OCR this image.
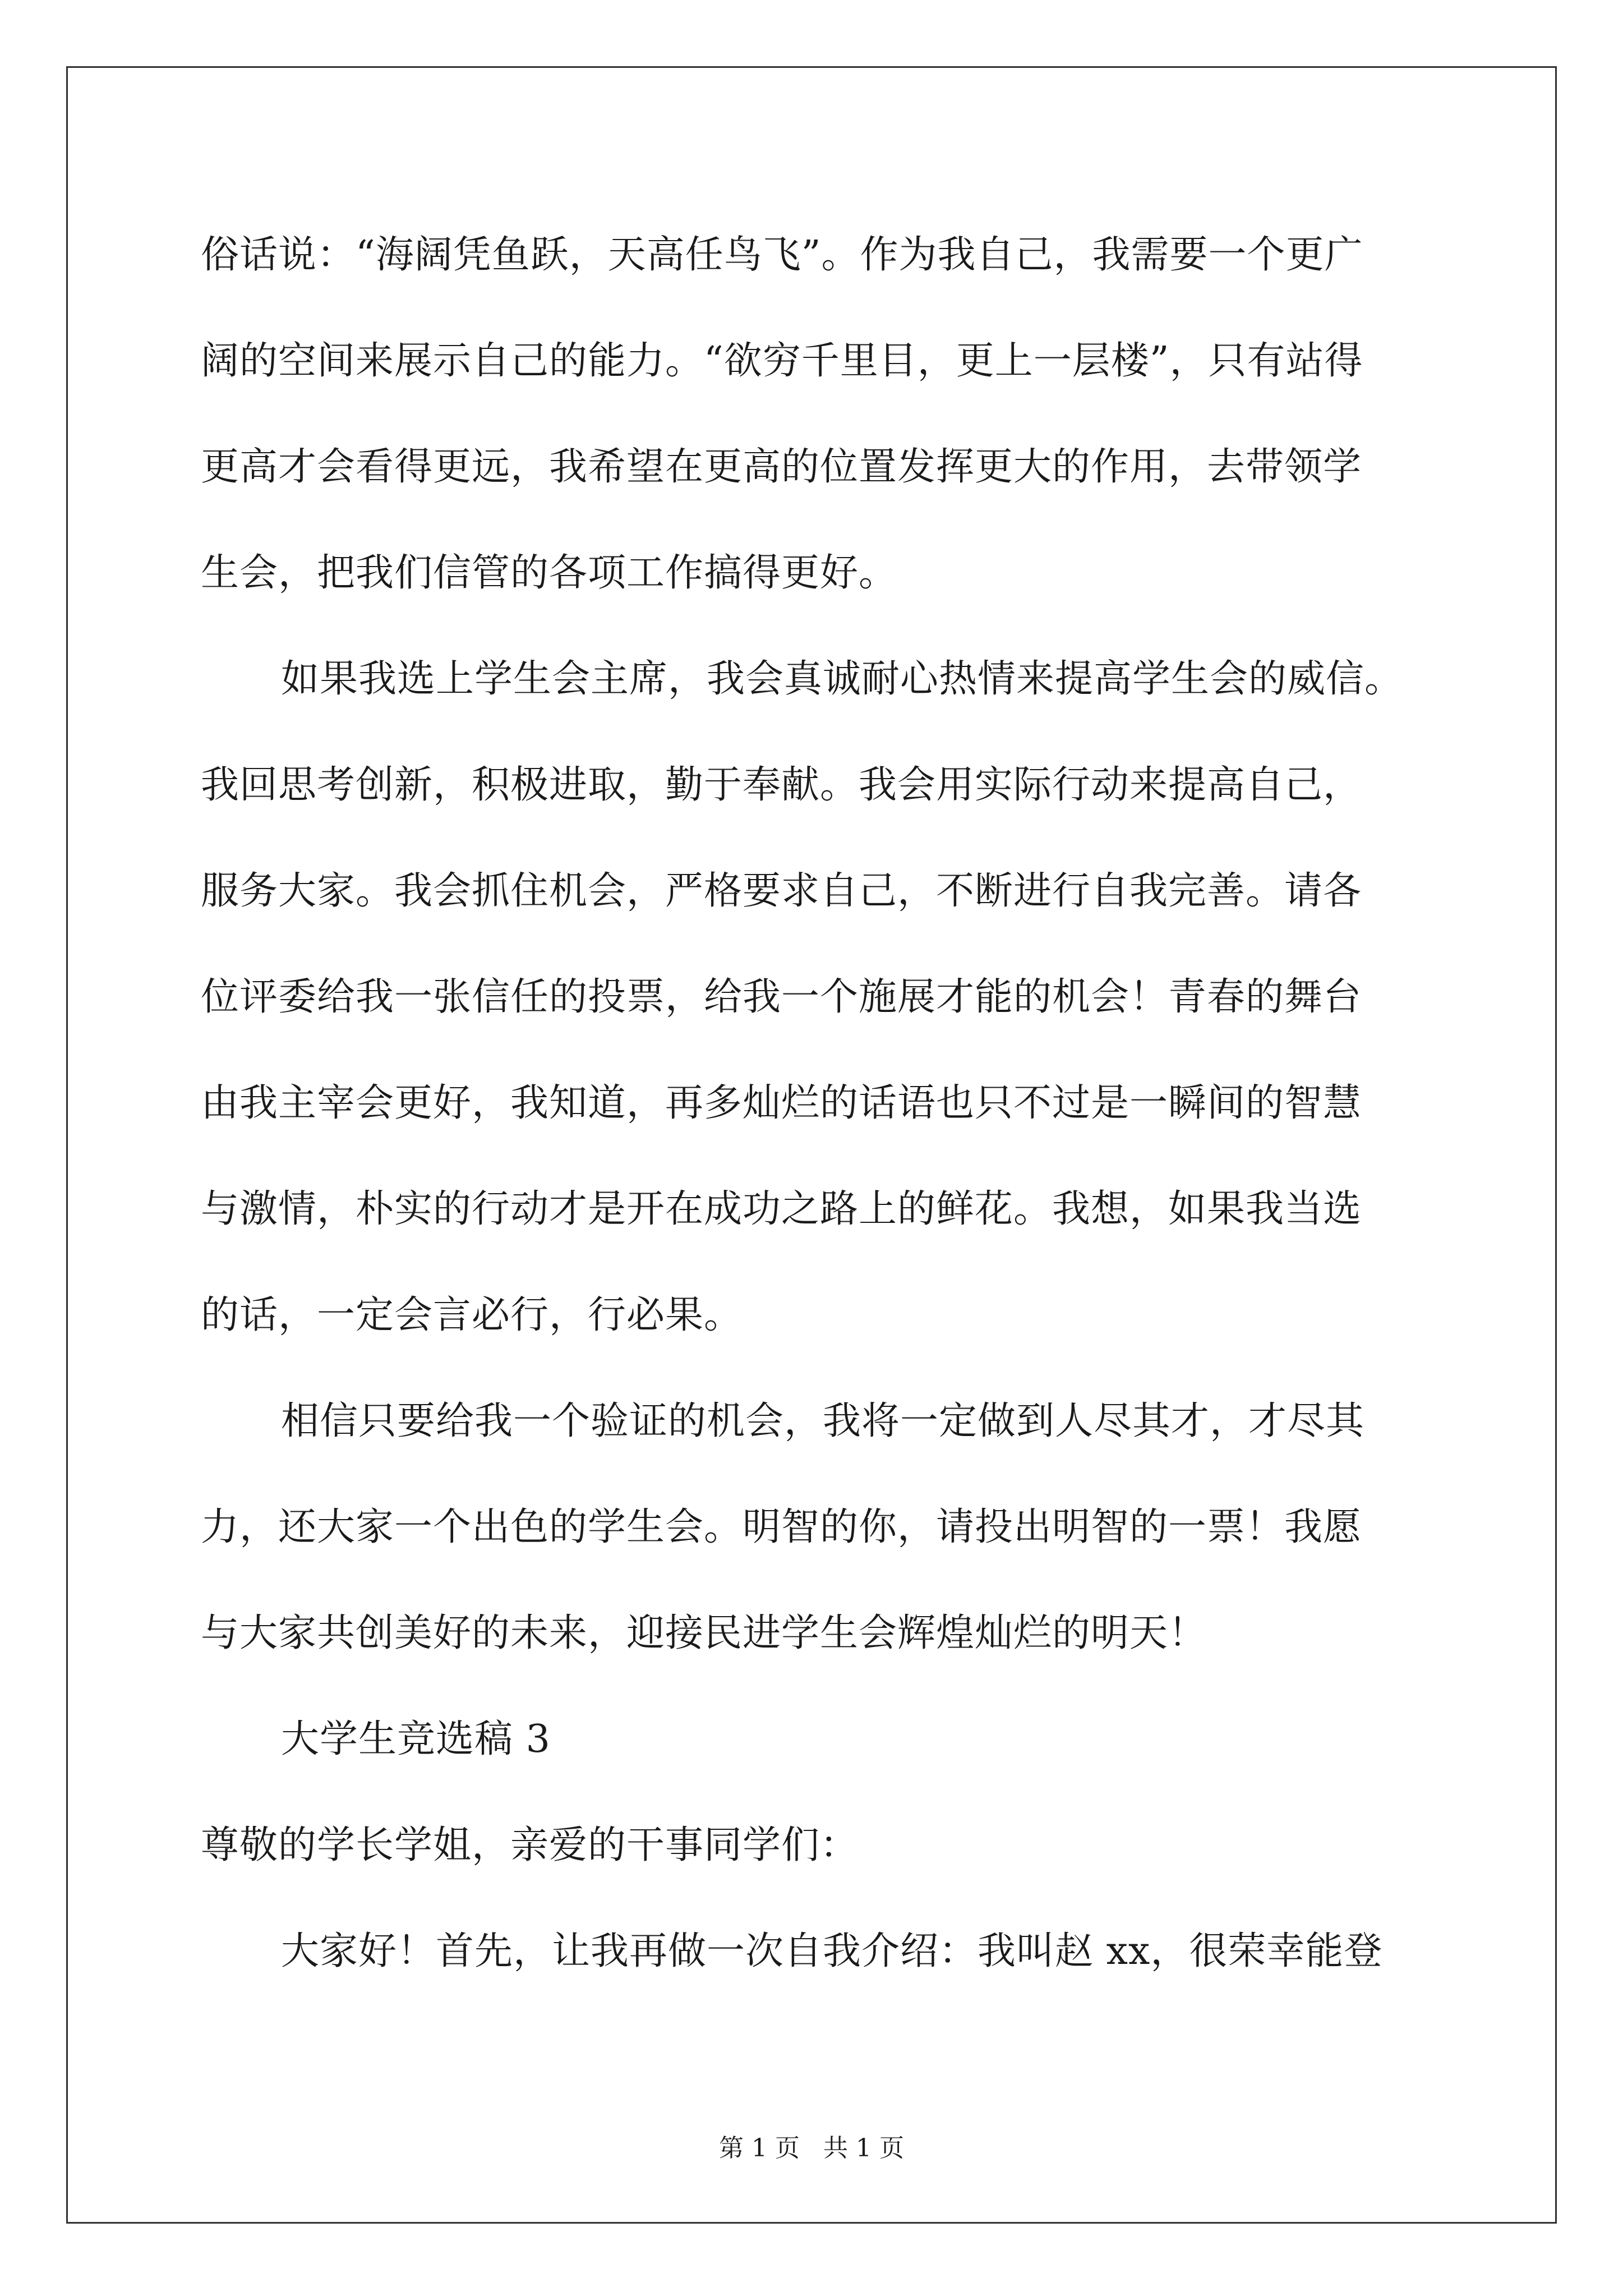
俗话说：“海阔凭鱼跃，天高任鸟飞”。作为我自己，我需要一个更广
阔的空间来展示自己的能力。“欲穷千里目，更上一层楼”，只有站得
更高才会看得更远，我希望在更高的位置发挥更大的作用，去带领学
生会，把我们信管的各项工作搞得更好。
如果我选上学生会主席，我会真诚耐心热情来提高学生会的威信。
我回思考创新，积极进取，勤于奉献。我会用实际行动来提高自己，
服务大家。我会抓住机会，严格要求自己，不断进行自我完善。请各
位评委给我一张信任的投票，给我一个施展才能的机会！青春的舞台
由我主宰会更好，我知道，再多灿烂的话语也只不过是一瞬间的智慧
与激情，朴实的行动才是开在成功之路上的鲜花。我想，如果我当选
的话，一定会言必行，行必果。
相信只要给我一个验证的机会，我将一定做到人尽其才，才尽其
力，还大家一个出色的学生会。明智的你，请投出明智的一票！我愿
与大家共创美好的未来，迎接民进学生会辉煌灿烂的明天！
大学生竞选稿 3
尊敬的学长学姐，亲爱的干事同学们：
大家好！首先，让我再做一次自我介绍：我叫赵 xx，很荣幸能登
第 1 页   共 1 页
